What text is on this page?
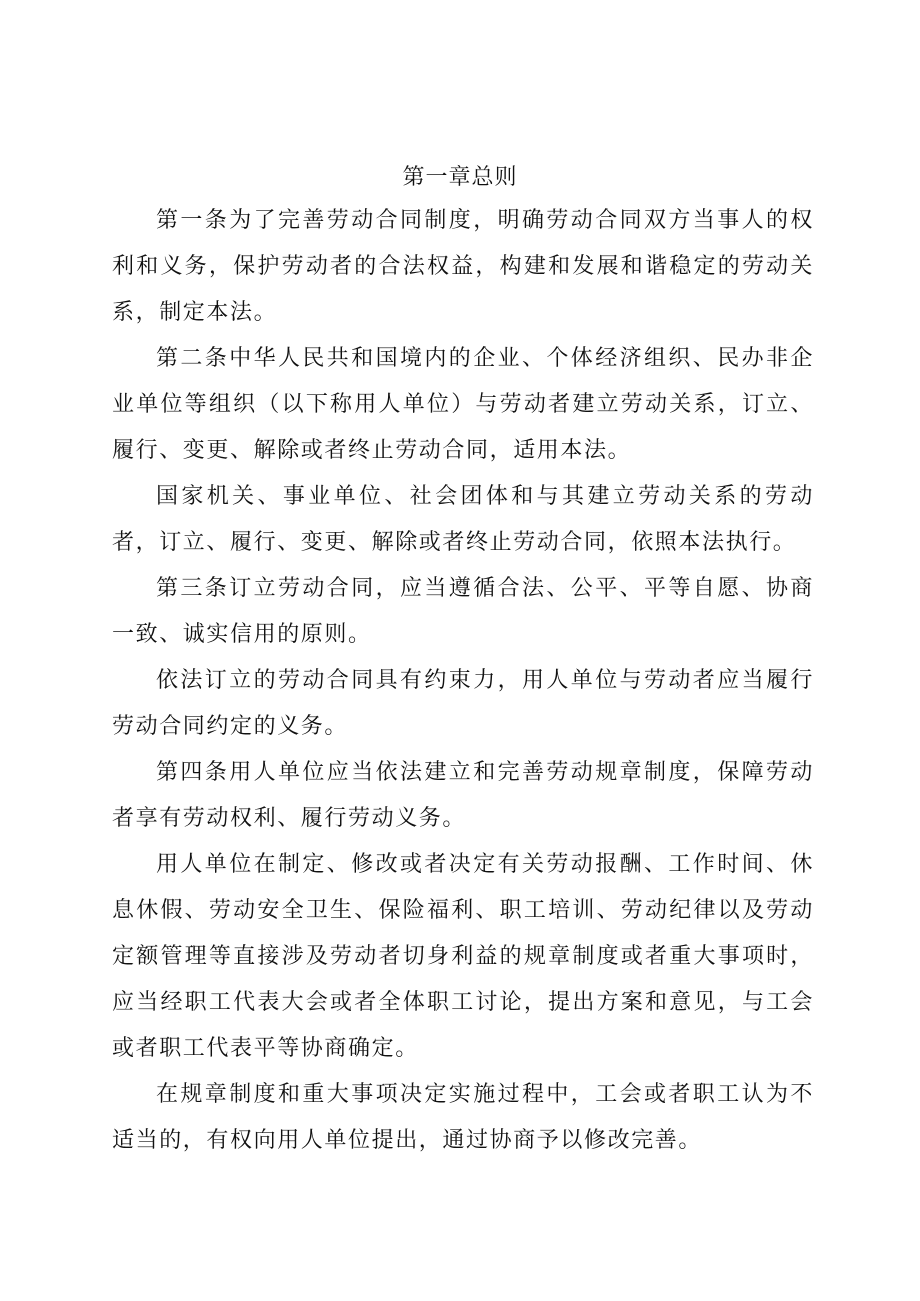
第一章总则

第一条为了完善劳动合同制度，明确劳动合同双方当事人的权利和义务，保护劳动者的合法权益，构建和发展和谐稳定的劳动关系，制定本法。

第二条中华人民共和国境内的企业、个体经济组织、民办非企业单位等组织（以下称用人单位）与劳动者建立劳动关系，订立、履行、变更、解除或者终止劳动合同，适用本法。

国家机关、事业单位、社会团体和与其建立劳动关系的劳动者，订立、履行、变更、解除或者终止劳动合同，依照本法执行。

第三条订立劳动合同，应当遵循合法、公平、平等自愿、协商一致、诚实信用的原则。

依法订立的劳动合同具有约束力，用人单位与劳动者应当履行劳动合同约定的义务。

第四条用人单位应当依法建立和完善劳动规章制度，保障劳动者享有劳动权利、履行劳动义务。

用人单位在制定、修改或者决定有关劳动报酬、工作时间、休息休假、劳动安全卫生、保险福利、职工培训、劳动纪律以及劳动定额管理等直接涉及劳动者切身利益的规章制度或者重大事项时，应当经职工代表大会或者全体职工讨论，提出方案和意见，与工会或者职工代表平等协商确定。

在规章制度和重大事项决定实施过程中，工会或者职工认为不适当的，有权向用人单位提出，通过协商予以修改完善。
